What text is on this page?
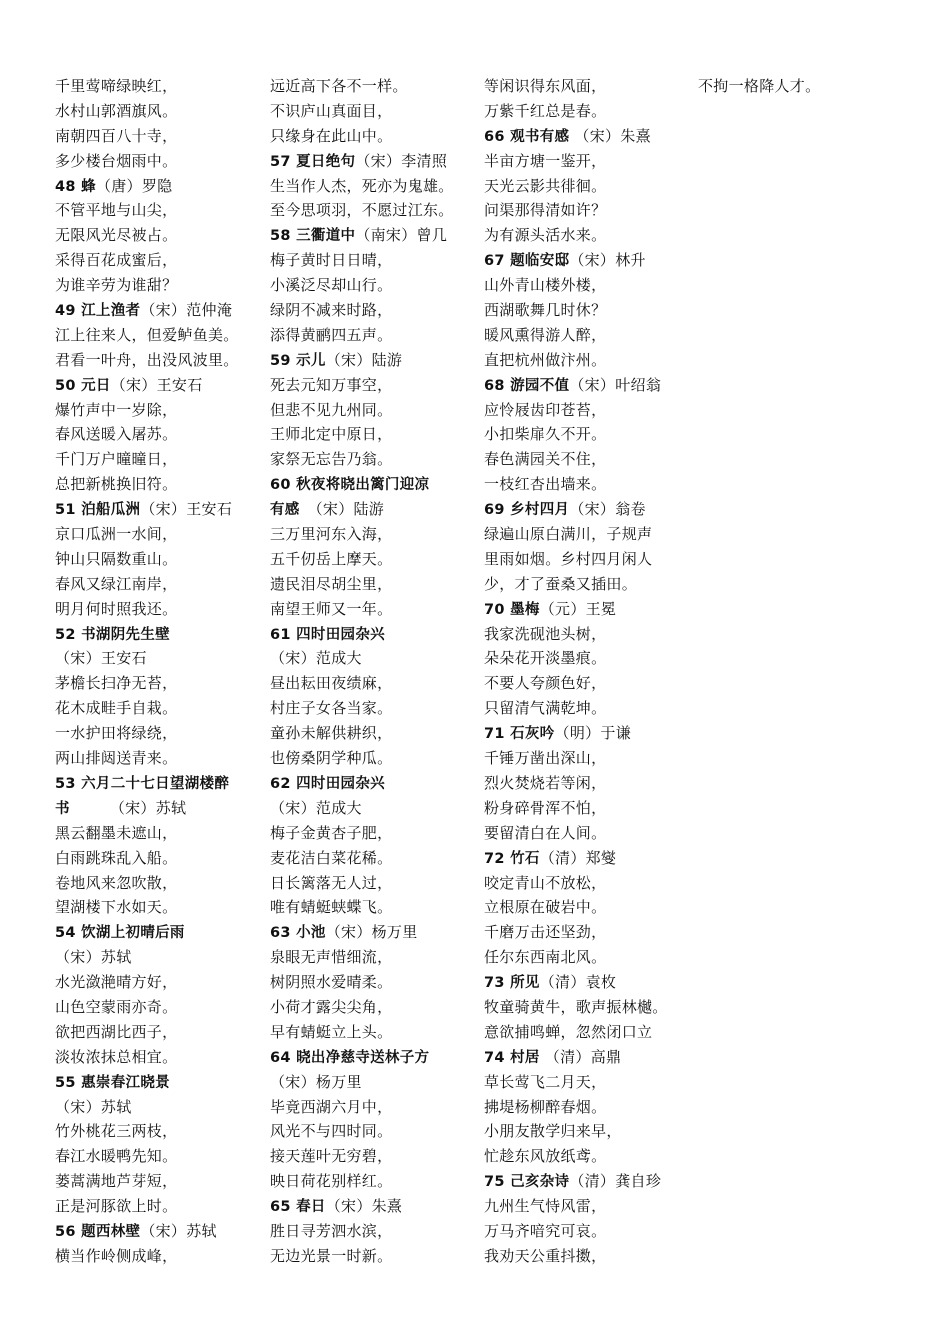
千里莺啼绿映红，
水村山郭酒旗风。
南朝四百八十寺，
多少楼台烟雨中。
48 蜂（唐）罗隐
不管平地与山尖，
无限风光尽被占。
采得百花成蜜后，
为谁辛劳为谁甜？
49 江上渔者（宋）范仲淹
江上往来人，但爱鲈鱼美。
君看一叶舟，出没风波里。
50 元日（宋）王安石
爆竹声中一岁除，
春风送暖入屠苏。
千门万户曈曈日，
总把新桃换旧符。
51 泊船瓜洲（宋）王安石
京口瓜洲一水间，
钟山只隔数重山。
春风又绿江南岸，
明月何时照我还。
52 书湖阴先生壁
（宋）王安石
茅檐长扫净无苔，
花木成畦手自栽。
一水护田将绿绕，
两山排闼送青来。
53 六月二十七日望湖楼醉
书	（宋）苏轼
黑云翻墨未遮山，
白雨跳珠乱入船。
卷地风来忽吹散，
望湖楼下水如天。
54 饮湖上初晴后雨
（宋）苏轼
水光潋滟晴方好，
山色空蒙雨亦奇。
欲把西湖比西子，
淡妆浓抹总相宜。
55 惠崇春江晓景
（宋）苏轼
竹外桃花三两枝，
春江水暖鸭先知。
蒌蒿满地芦芽短，
正是河豚欲上时。
56 题西林壁（宋）苏轼
横当作岭侧成峰，
远近高下各不一样。
不识庐山真面目，
只缘身在此山中。
57 夏日绝句（宋）李清照
生当作人杰，死亦为鬼雄。
至今思项羽，不愿过江东。
58 三衢道中（南宋）曾几
梅子黄时日日晴，
小溪泛尽却山行。
绿阴不减来时路，
添得黄鹂四五声。
59 示儿（宋）陆游
死去元知万事空，
但悲不见九州同。
王师北定中原日，
家祭无忘告乃翁。
60 秋夜将晓出篱门迎凉
有感 （宋）陆游
三万里河东入海，
五千仞岳上摩天。
遗民泪尽胡尘里，
南望王师又一年。
61 四时田园杂兴
（宋）范成大
昼出耘田夜绩麻，
村庄子女各当家。
童孙未解供耕织，
也傍桑阴学种瓜。
62 四时田园杂兴
（宋）范成大
梅子金黄杏子肥，
麦花洁白菜花稀。
日长篱落无人过，
唯有蜻蜓蛱蝶飞。
63 小池（宋）杨万里
泉眼无声惜细流，
树阴照水爱晴柔。
小荷才露尖尖角，
早有蜻蜓立上头。
64 晓出净慈寺送林子方
（宋）杨万里
毕竟西湖六月中，
风光不与四时同。
接天莲叶无穷碧，
映日荷花别样红。
65 春日（宋）朱熹
胜日寻芳泗水滨，
无边光景一时新。
等闲识得东风面，
万紫千红总是春。
66 观书有感 （宋）朱熹
半亩方塘一鉴开，
天光云影共徘徊。
问渠那得清如许？
为有源头活水来。
67 题临安邸（宋）林升
山外青山楼外楼，
西湖歌舞几时休？
暖风熏得游人醉，
直把杭州做汴州。
68 游园不值（宋）叶绍翁
应怜屐齿印苍苔，
小扣柴扉久不开。
春色满园关不住，
一枝红杏出墙来。
69 乡村四月（宋）翁卷
绿遍山原白满川，子规声
里雨如烟。乡村四月闲人
少，才了蚕桑又插田。
70 墨梅（元）王冕
我家洗砚池头树，
朵朵花开淡墨痕。
不要人夸颜色好，
只留清气满乾坤。
71 石灰吟（明）于谦
千锤万凿出深山，
烈火焚烧若等闲，
粉身碎骨浑不怕，
要留清白在人间。
72 竹石（清）郑燮
咬定青山不放松，
立根原在破岩中。
千磨万击还坚劲，
任尔东西南北风。
73 所见（清）袁枚
牧童骑黄牛，歌声振林樾。
意欲捕鸣蝉，忽然闭口立
74 村居 （清）高鼎
草长莺飞二月天，
拂堤杨柳醉春烟。
小朋友散学归来早，
忙趁东风放纸鸢。
75 己亥杂诗（清）龚自珍
九州生气恃风雷，
万马齐喑究可哀。
我劝天公重抖擞，
不拘一格降人才。
